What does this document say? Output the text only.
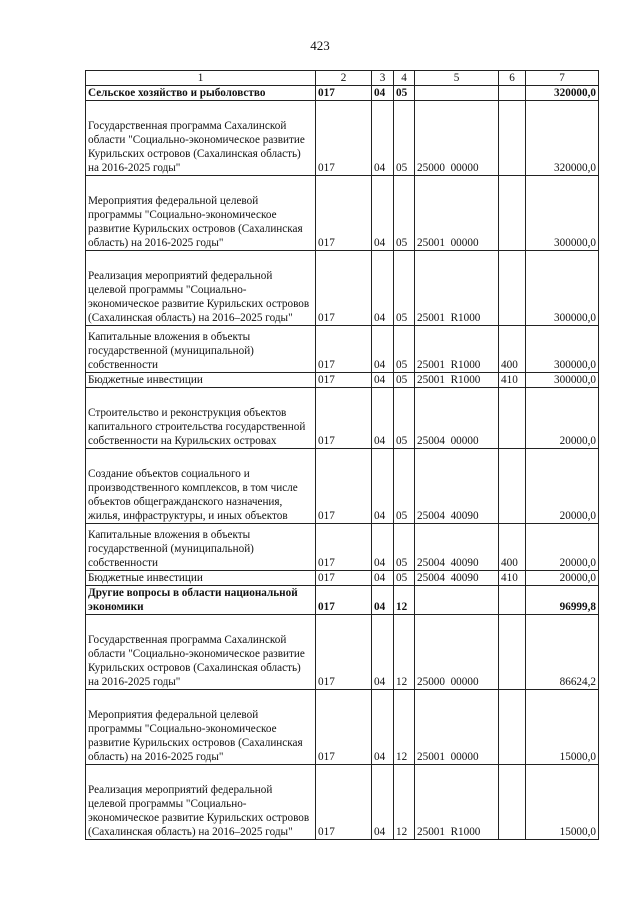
423
1	2	3	4	5	6	7
Сельское хозяйство и рыболовство	017	04	05			320000,0
Государственная программа Сахалинской области "Социально-экономическое развитие Курильских островов (Сахалинская область) на 2016-2025 годы"	017	04	05	25000  00000		320000,0
Мероприятия федеральной целевой программы "Социально-экономическое развитие Курильских островов (Сахалинская область) на 2016-2025 годы"	017	04	05	25001  00000		300000,0
Реализация мероприятий федеральной целевой программы "Социально-экономическое развитие Курильских островов (Сахалинская область) на 2016–2025 годы"	017	04	05	25001  R1000		300000,0
Капитальные вложения в объекты государственной (муниципальной) собственности	017	04	05	25001  R1000	400	300000,0
Бюджетные инвестиции	017	04	05	25001  R1000	410	300000,0
Строительство и реконструкция объектов капитального строительства государственной собственности на Курильских островах	017	04	05	25004  00000		20000,0
Создание объектов социального и производственного комплексов, в том числе объектов общегражданского назначения, жилья, инфраструктуры, и иных объектов	017	04	05	25004  40090		20000,0
Капитальные вложения в объекты государственной (муниципальной) собственности	017	04	05	25004  40090	400	20000,0
Бюджетные инвестиции	017	04	05	25004  40090	410	20000,0
Другие вопросы в области национальной экономики	017	04	12			96999,8
Государственная программа Сахалинской области "Социально-экономическое развитие Курильских островов (Сахалинская область) на 2016-2025 годы"	017	04	12	25000  00000		86624,2
Мероприятия федеральной целевой программы "Социально-экономическое развитие Курильских островов (Сахалинская область) на 2016-2025 годы"	017	04	12	25001  00000		15000,0
Реализация мероприятий федеральной целевой программы "Социально-экономическое развитие Курильских островов (Сахалинская область) на 2016–2025 годы"	017	04	12	25001  R1000		15000,0
